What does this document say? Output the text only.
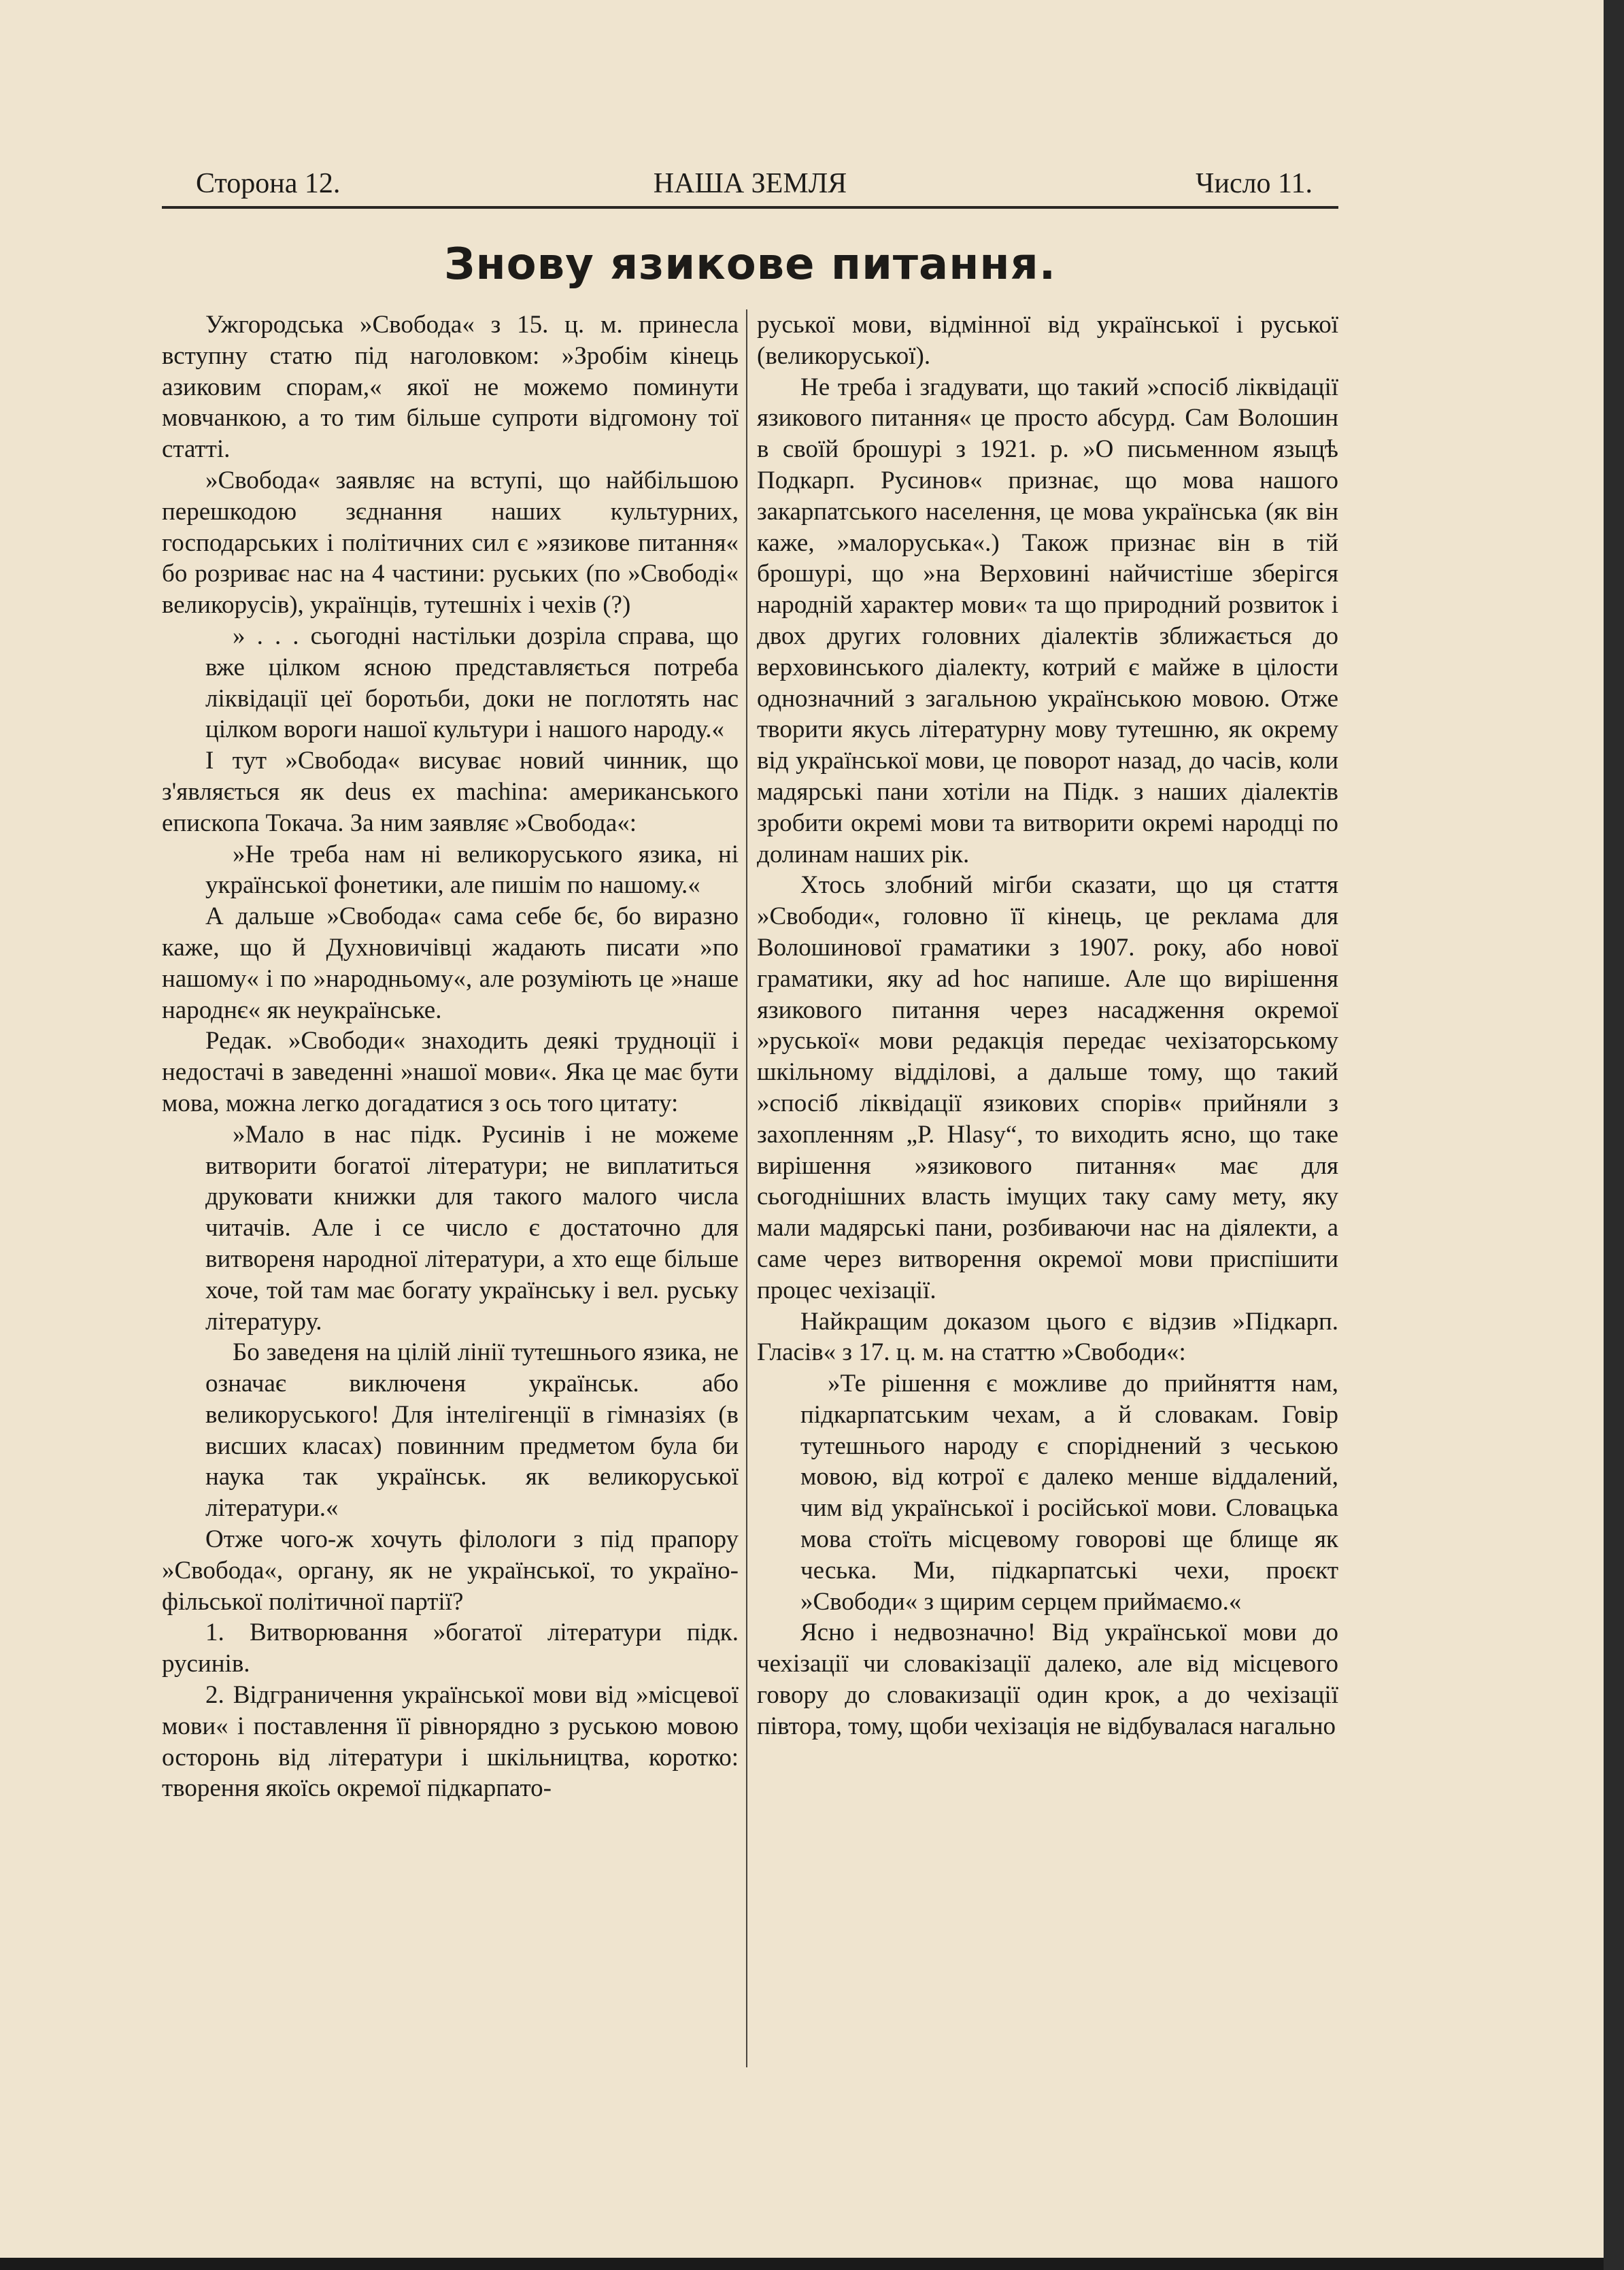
Сторона 12.	НАША ЗЕМЛЯ	Число 11.
Знову язикове питання.

Ужгородська »Свобода« з 15. ц. м. принесла вступну статю під наголовком: »Зробім кінець азиковим спорам,« якої не можемо поминути мовчанкою, а то тим більше супроти відгомону тої статті.

»Свобода« заявляє на вступі, що найбільшою перешкодою зєднання наших культурних, господарських і політичних сил є »язикове питання« бо розриває нас на 4 частини: руських (по »Свободі« великорусів), українців, тутешніх і чехів (?)

» . . . сьогодні настільки дозріла справа, що вже цілком ясною представляється потреба ліквідації цеї боротьби, доки не поглотять нас цілком вороги нашої культури і нашого народу.«

І тут »Свобода« висуває новий чинник, що з'являється як deus ex machina: американського епископа Токача. За ним заявляє »Свобода«:

»Не треба нам ні великоруського язика, ні української фонетики, але пишім по нашому.«

А дальше »Свобода« сама себе бє, бо виразно каже, що й Духновичівці жадають писати »по нашому« і по »народньому«, але розуміють це »наше народнє« як неукраїнське.

Редак. »Свободи« знаходить деякі трудноції і недостачі в заведенні »нашої мови«. Яка це має бути мова, можна легко догадатися з ось того цитату:

»Мало в нас підк. Русинів і не можеме витворити богатої літератури; не виплатиться друковати книжки для такого малого числа читачів. Але і се число є достаточно для витвореня народної літератури, а хто еще більше хоче, той там має богату українську і вел. руську літературу.

Бо заведеня на цілій лінії тутешнього язика, не означає виключеня українськ. або великоруського! Для інтелігенції в гімназіях (в висших класах) повинним предметом була би наука так українськ. як великоруської літератури.«

Отже чого-ж хочуть філологи з під прапору »Свобода«, органу, як не української, то україно-фільської політичної партії?

1. Витворювання »богатої літератури підк. русинів.

2. Відграничення української мови від »місцевої мови« і поставлення її рівнорядно з руською мовою осторонь від літератури і шкільництва, коротко: творення якоїсь окремої підкарпато-

руської мови, відмінної від української і руської (великоруської).

Не треба і згадувати, що такий »спосіб ліквідації язикового питання« це просто абсурд. Сам Волошин в своїй брошурі з 1921. р. »О письменном языцѣ Подкарп. Русинов« признає, що мова нашого закарпатського населення, це мова українська (як він каже, »малоруська«.) Також признає він в тій брошурі, що »на Верховині найчистіше зберігся народній характер мови« та що природний розвиток і двох других головних діалектів зближається до верховинського діалекту, котрий є майже в цілости однозначний з загальною українською мовою. Отже творити якусь літературну мову тутешню, як окрему від української мови, це поворот назад, до часів, коли мадярські пани хотіли на Підк. з наших діалектів зробити окремі мови та витворити окремі народці по долинам наших рік.

Хтось злобний мігби сказати, що ця стаття »Свободи«, головно її кінець, це реклама для Волошинової граматики з 1907. року, або нової граматики, яку ad hoc напише. Але що вирішення язикового питання через насадження окремої »руської« мови редакція передає чехізаторському шкільному відділові, а дальше тому, що такий »спосіб ліквідації язикових спорів« прийняли з захопленням „Р. Hlasy“, то виходить ясно, що таке вирішення »язикового питання« має для сьогоднішних власть імущих таку саму мету, яку мали мадярські пани, розбиваючи нас на діялекти, а саме через витворення окремої мови приспішити процес чехізації.

Найкращим доказом цього є відзив »Підкарп. Гласів« з 17. ц. м. на статтю »Свободи«:

»Те рішення є можливе до прийняття нам, підкарпатським чехам, а й словакам. Говір тутешнього народу є споріднений з чеською мовою, від котрої є далеко менше віддалений, чим від української і російської мови. Словацька мова стоїть місцевому говорові ще блище як чеська. Ми, підкарпатські чехи, проєкт »Свободи« з щирим серцем приймаємо.«

Ясно і недвозначно! Від української мови до чехізації чи словакізації далеко, але від місцевого говору до словакизації один крок, а до чехізації півтора, тому, щоби чехізація не відбувалася нагально
